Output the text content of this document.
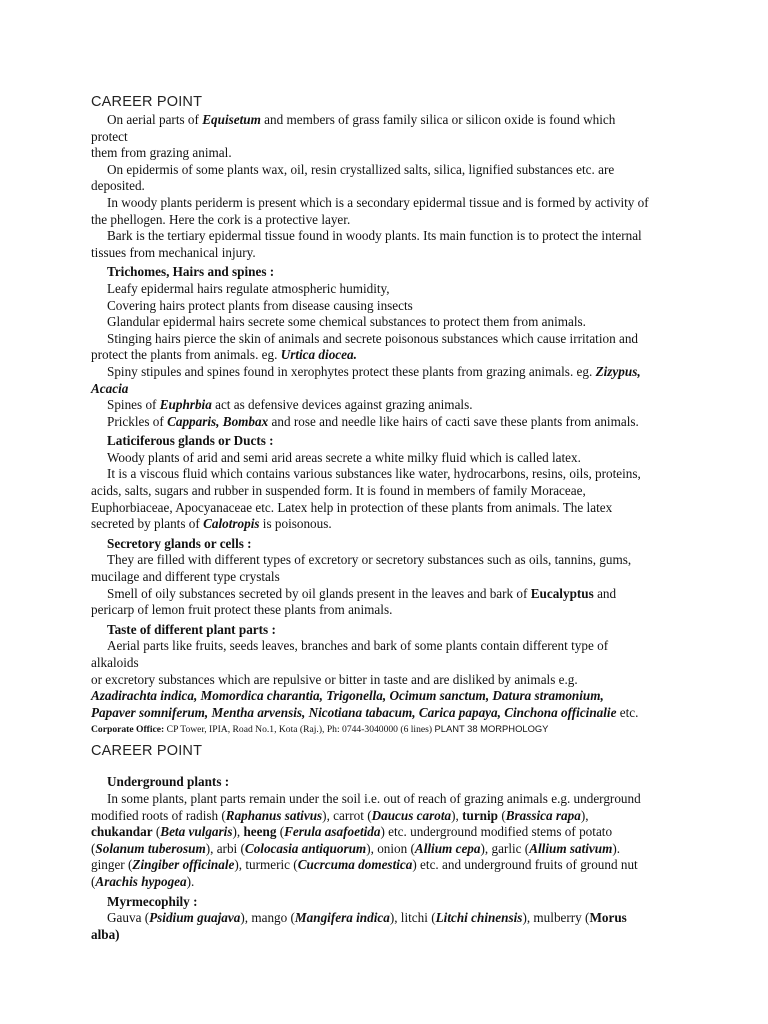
CAREER POINT

On aerial parts of Equisetum and members of grass family silica or silicon oxide is found which
protect
them from grazing animal.

On epidermis of some plants wax, oil, resin crystallized salts, silica, lignified substances etc. are
deposited.

In woody plants periderm is present which is a secondary epidermal tissue and is formed by activity of
the phellogen. Here the cork is a protective layer.

Bark is the tertiary epidermal tissue found in woody plants. Its main function is to protect the internal
tissues from mechanical injury.

Trichomes, Hairs and spines :

Leafy epidermal hairs regulate atmospheric humidity,

Covering hairs protect plants from disease causing insects

Glandular epidermal hairs secrete some chemical substances to protect them from animals.

Stinging hairs pierce the skin of animals and secrete poisonous substances which cause irritation and
protect the plants from animals. eg. Urtica diocea.

Spiny stipules and spines found in xerophytes protect these plants from grazing animals. eg. Zizypus,
Acacia

Spines of Euphrbia act as defensive devices against grazing animals.

Prickles of Capparis, Bombax and rose and needle like hairs of cacti save these plants from animals.

Laticiferous glands or Ducts :

Woody plants of arid and semi arid areas secrete a white milky fluid which is called latex.

It is a viscous fluid which contains various substances like water, hydrocarbons, resins, oils, proteins,
acids, salts, sugars and rubber in suspended form. It is found in members of family Moraceae,
Euphorbiaceae, Apocyanaceae etc. Latex help in protection of these plants from animals. The latex
secreted by plants of Calotropis is poisonous.

Secretory glands or cells :

They are filled with different types of excretory or secretory substances such as oils, tannins, gums,
mucilage and different type crystals

Smell of oily substances secreted by oil glands present in the leaves and bark of Eucalyptus and
pericarp of lemon fruit protect these plants from animals.

Taste of different plant parts :

Aerial parts like fruits, seeds leaves, branches and bark of some plants contain different type of
alkaloids
or excretory substances which are repulsive or bitter in taste and are disliked by animals e.g.
Azadirachta indica, Momordica charantia, Trigonella, Ocimum sanctum, Datura stramonium,
Papaver somniferum, Mentha arvensis, Nicotiana tabacum, Carica papaya, Cinchona officinalie etc.

Corporate Office: CP Tower, IPIA, Road No.1, Kota (Raj.), Ph: 0744-3040000 (6 lines) PLANT 38 MORPHOLOGY
CAREER POINT

Underground plants :

In some plants, plant parts remain under the soil i.e. out of reach of grazing animals e.g. underground
modified roots of radish (Raphanus sativus), carrot (Daucus carota), turnip (Brassica rapa),
chukandar (Beta vulgaris), heeng (Ferula asafoetida) etc. underground modified stems of potato
(Solanum tuberosum), arbi (Colocasia antiquorum), onion (Allium cepa), garlic (Allium sativum).
ginger (Zingiber officinale), turmeric (Cucrcuma domestica) etc. and underground fruits of ground nut
(Arachis hypogea).

Myrmecophily :

Gauva (Psidium guajava), mango (Mangifera indica), litchi (Litchi chinensis), mulberry (Morus
alba)
